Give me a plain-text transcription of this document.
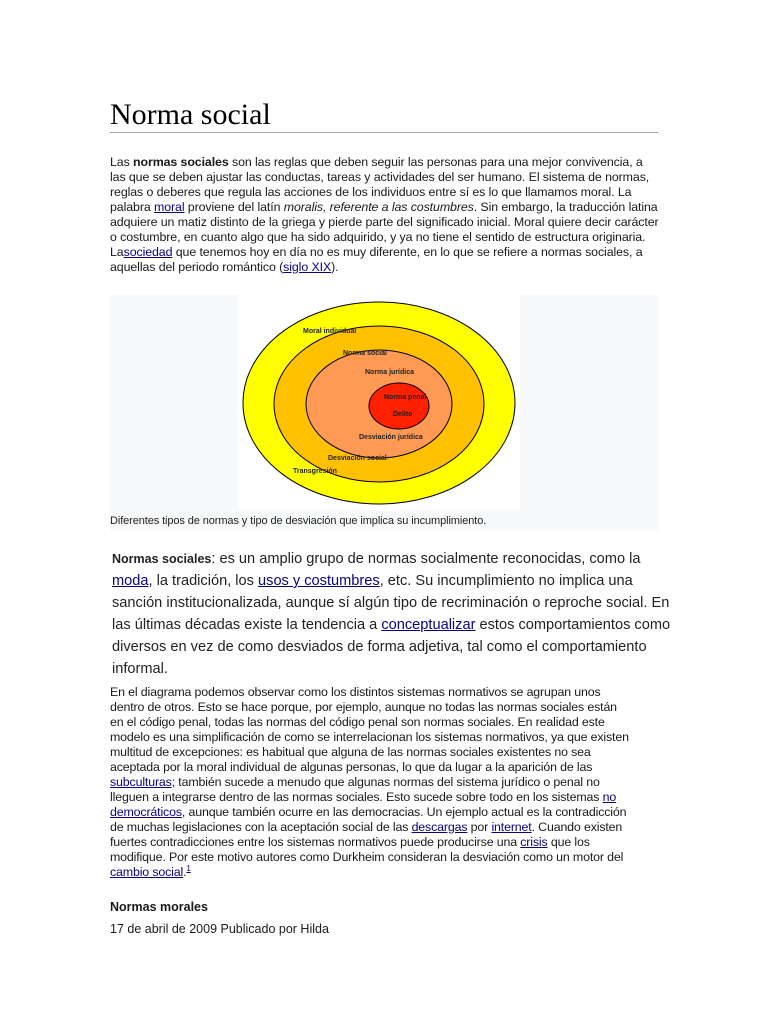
Norma social

Las normas sociales son las reglas que deben seguir las personas para una mejor convivencia, a las que se deben ajustar las conductas, tareas y actividades del ser humano. El sistema de normas, reglas o deberes que regula las acciones de los individuos entre sí es lo que llamamos moral. La palabra moral proviene del latín moralis, referente a las costumbres. Sin embargo, la traducción latina adquiere un matiz distinto de la griega y pierde parte del significado inicial. Moral quiere decir carácter o costumbre, en cuanto algo que ha sido adquirido, y ya no tiene el sentido de estructura originaria. Lasociedad que tenemos hoy en día no es muy diferente, en lo que se refiere a normas sociales, a aquellas del periodo romántico (siglo XIX).

Moral individual
Norma social
Norma jurídica
Norma penal
Delito
Desviación jurídica
Desviación social
Transgresión
Diferentes tipos de normas y tipo de desviación que implica su incumplimiento.

Normas sociales: es un amplio grupo de normas socialmente reconocidas, como la moda, la tradición, los usos y costumbres, etc. Su incumplimiento no implica una sanción institucionalizada, aunque sí algún tipo de recriminación o reproche social. En las últimas décadas existe la tendencia a conceptualizar estos comportamientos como diversos en vez de como desviados de forma adjetiva, tal como el comportamiento informal.

En el diagrama podemos observar como los distintos sistemas normativos se agrupan unos dentro de otros. Esto se hace porque, por ejemplo, aunque no todas las normas sociales están en el código penal, todas las normas del código penal son normas sociales. En realidad este modelo es una simplificación de como se interrelacionan los sistemas normativos, ya que existen multitud de excepciones: es habitual que alguna de las normas sociales existentes no sea aceptada por la moral individual de algunas personas, lo que da lugar a la aparición de las subculturas; también sucede a menudo que algunas normas del sistema jurídico o penal no lleguen a integrarse dentro de las normas sociales. Esto sucede sobre todo en los sistemas no democráticos, aunque también ocurre en las democracias. Un ejemplo actual es la contradicción de muchas legislaciones con la aceptación social de las descargas por internet. Cuando existen fuertes contradicciones entre los sistemas normativos puede producirse una crisis que los modifique. Por este motivo autores como Durkheim consideran la desviación como un motor del cambio social.$^1$

Normas morales
17 de abril de 2009 Publicado por Hilda
